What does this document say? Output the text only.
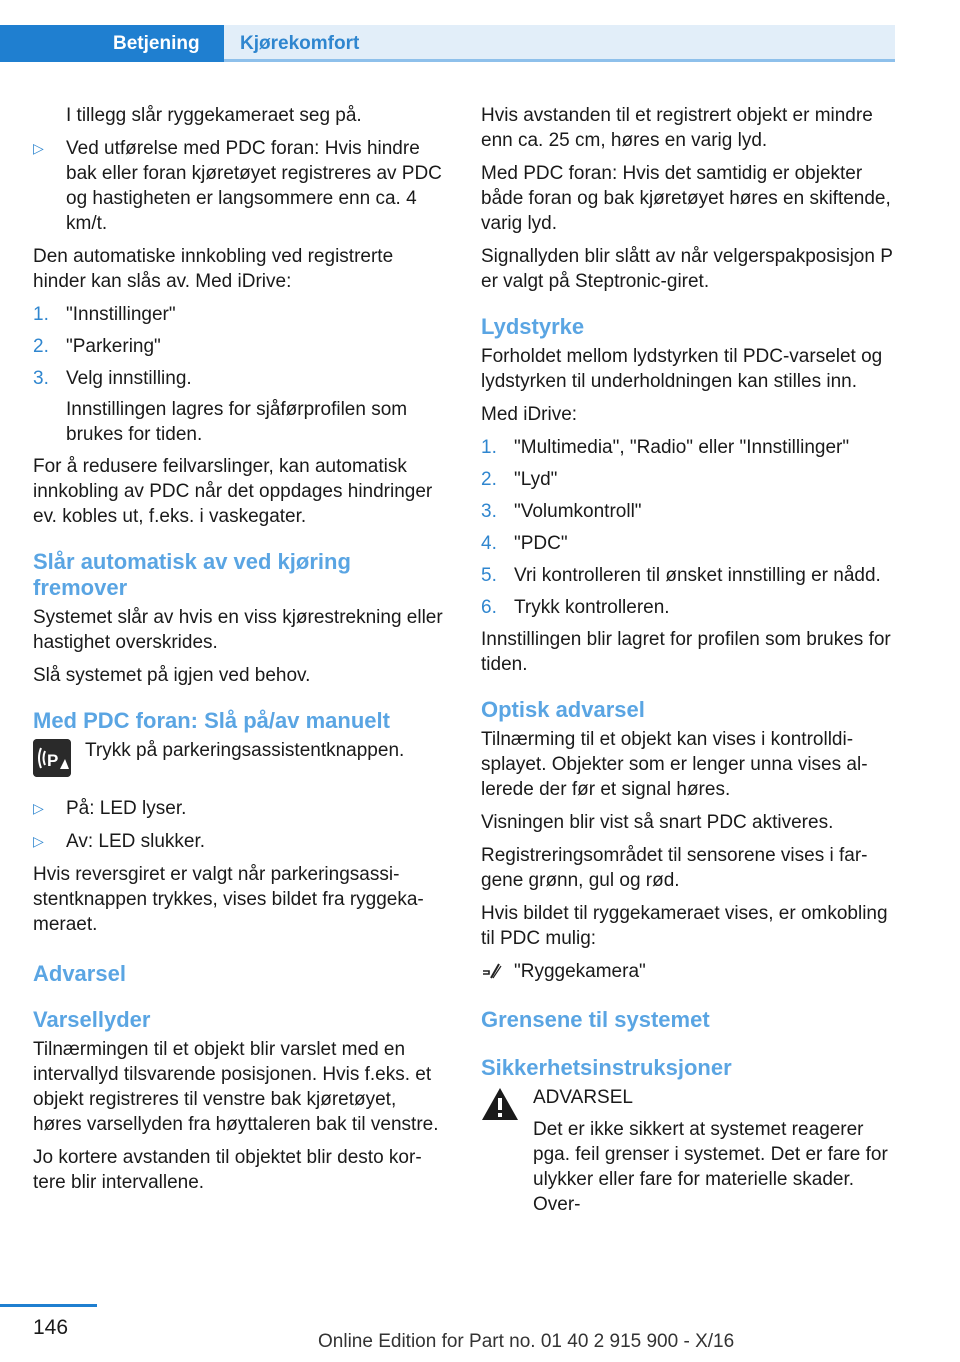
Betjening	Kjørekomfort

I tillegg slår ryggekameraet seg på.

▷ Ved utførelse med PDC foran: Hvis hindre bak eller foran kjøretøyet registreres av PDC og hastigheten er langsommere enn ca. 4 km/t.

Den automatiske innkobling ved registrerte hinder kan slås av. Med iDrive:

1. "Innstillinger"
2. "Parkering"
3. Velg innstilling.
Innstillingen lagres for sjåførprofilen som brukes for tiden.

For å redusere feilvarslinger, kan automatisk innkobling av PDC når det oppdages hindringer ev. kobles ut, f.eks. i vaskegater.

Slår automatisk av ved kjøring fremover

Systemet slår av hvis en viss kjørestrekning eller hastighet overskrides.

Slå systemet på igjen ved behov.

Med PDC foran: Slå på/av manuelt
P Trykk på parkeringsassistentknappen.
▷ På: LED lyser.
▷ Av: LED slukker.

Hvis reversgiret er valgt når parkeringsassistentknappen trykkes, vises bildet fra ryggekameraet.

Advarsel
Varsellyder

Tilnærmingen til et objekt blir varslet med en intervallyd tilsvarende posisjonen. Hvis f.eks. et objekt registreres til venstre bak kjøretøyet, høres varsellyden fra høyttaleren bak til venstre.

Jo kortere avstanden til objektet blir desto kortere blir intervallene.

Hvis avstanden til et registrert objekt er mindre enn ca. 25 cm, høres en varig lyd.

Med PDC foran: Hvis det samtidig er objekter både foran og bak kjøretøyet høres en skiftende, varig lyd.

Signallyden blir slått av når velgerspakposisjon P er valgt på Steptronic-giret.

Lydstyrke

Forholdet mellom lydstyrken til PDC-varselet og lydstyrken til underholdningen kan stilles inn.

Med iDrive:

1. "Multimedia", "Radio" eller "Innstillinger"
2. "Lyd"
3. "Volumkontroll"
4. "PDC"
5. Vri kontrolleren til ønsket innstilling er nådd.
6. Trykk kontrolleren.

Innstillingen blir lagret for profilen som brukes for tiden.

Optisk advarsel

Tilnærming til et objekt kan vises i kontrolldisplayet. Objekter som er lenger unna vises allerede der før et signal høres.

Visningen blir vist så snart PDC aktiveres.

Registreringsområdet til sensorene vises i fargene grønn, gul og rød.

Hvis bildet til ryggekameraet vises, er omkobling til PDC mulig:

"Ryggekamera"
Grensene til systemet
Sikkerhetsinstruksjoner
ADVARSEL

Det er ikke sikkert at systemet reagerer pga. feil grenser i systemet. Det er fare for ulykker eller fare for materielle skader. Over-

146
Online Edition for Part no. 01 40 2 915 900 - X/16
